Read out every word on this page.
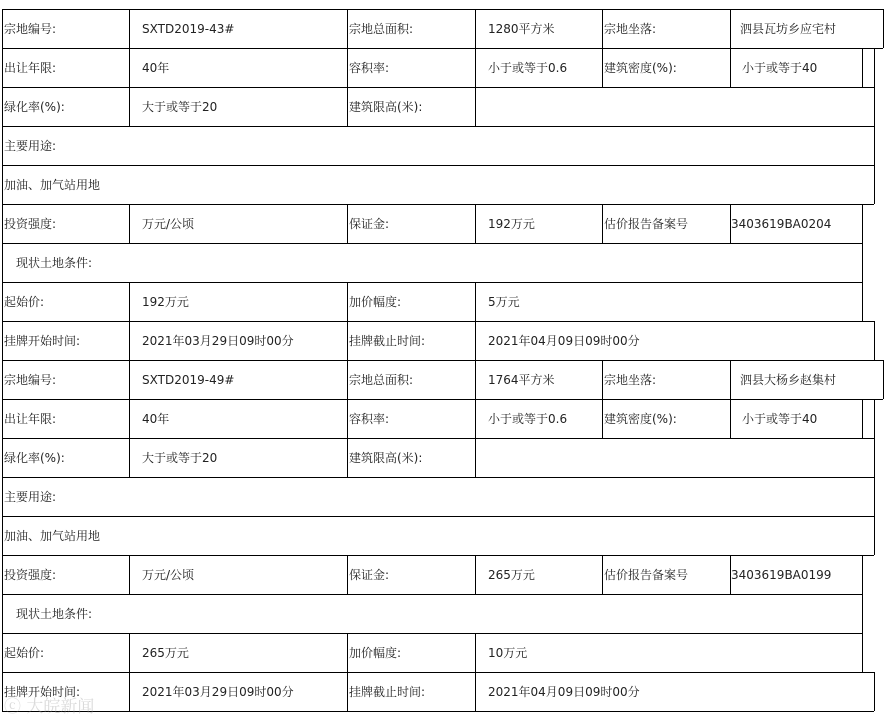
宗地编号:	SXTD2019-43#	宗地总面积:	1280平方米	宗地坐落:	泗县瓦坊乡应宅村
出让年限:	40年	容积率:	小于或等于0.6	建筑密度(%):	小于或等于40
绿化率(%):	大于或等于20	建筑限高(米):
主要用途:
加油、加气站用地
投资强度:	万元/公顷	保证金:	192万元	估价报告备案号	3403619BA0204
现状土地条件:
起始价:	192万元	加价幅度:	5万元
挂牌开始时间:	2021年03月29日09时00分	挂牌截止时间:	2021年04月09日09时00分
宗地编号:	SXTD2019-49#	宗地总面积:	1764平方米	宗地坐落:	泗县大杨乡赵集村
出让年限:	40年	容积率:	小于或等于0.6	建筑密度(%):	小于或等于40
绿化率(%):	大于或等于20	建筑限高(米):
主要用途:
加油、加气站用地
投资强度:	万元/公顷	保证金:	265万元	估价报告备案号	3403619BA0199
现状土地条件:
起始价:	265万元	加价幅度:	10万元
挂牌开始时间:	2021年03月29日09时00分	挂牌截止时间:	2021年04月09日09时00分
ⓒ 大皖新闻
